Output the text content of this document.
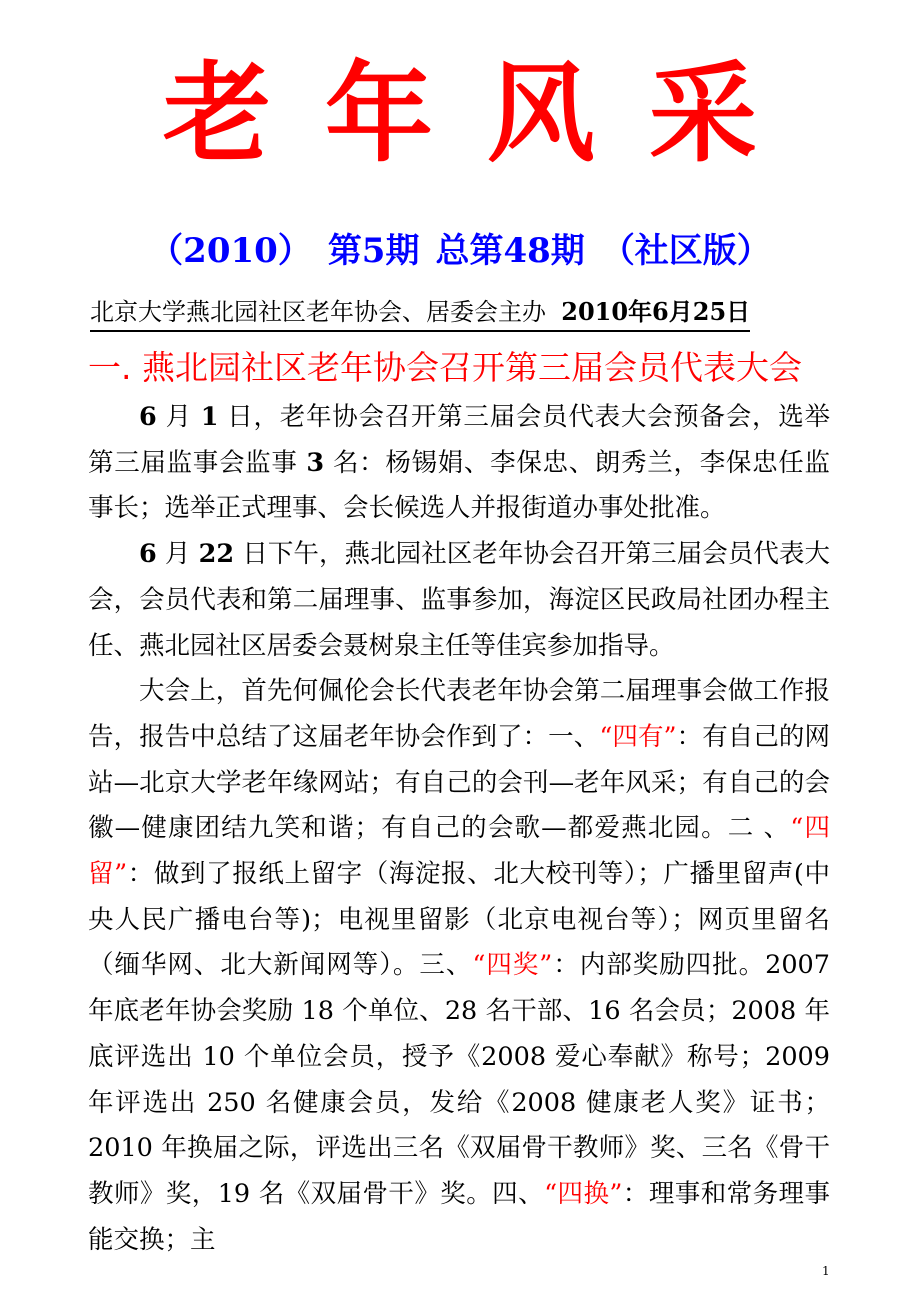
老年风采
（2010） 第5期 总第48期 （社区版）
北京大学燕北园社区老年协会、居委会主办 2010年6月25日
一. 燕北园社区老年协会召开第三届会员代表大会

6 月 1 日，老年协会召开第三届会员代表大会预备会，选举第三届监事会监事 3 名：杨锡娟、李保忠、朗秀兰，李保忠任监事长；选举正式理事、会长候选人并报街道办事处批准。

6 月 22 日下午，燕北园社区老年协会召开第三届会员代表大会，会员代表和第二届理事、监事参加，海淀区民政局社团办程主任、燕北园社区居委会聂树泉主任等佳宾参加指导。

大会上，首先何佩伦会长代表老年协会第二届理事会做工作报告，报告中总结了这届老年协会作到了：一、“四有”：有自己的网站—北京大学老年缘网站；有自己的会刊—老年风采；有自己的会徽—健康团结九笑和谐；有自己的会歌—都爱燕北园。二 、“四留”：做到了报纸上留字（海淀报、北大校刊等）；广播里留声(中央人民广播电台等)；电视里留影（北京电视台等）；网页里留名（缅华网、北大新闻网等）。三、“四奖”：内部奖励四批。2007 年底老年协会奖励 18 个单位、28 名干部、16 名会员；2008 年底评选出 10 个单位会员，授予《2008 爱心奉献》称号；2009 年评选出 250 名健康会员，发给《2008 健康老人奖》证书；2010 年换届之际，评选出三名《双届骨干教师》奖、三名《骨干教师》奖，19 名《双届骨干》奖。四、“四换”：理事和常务理事能交换；主

1
